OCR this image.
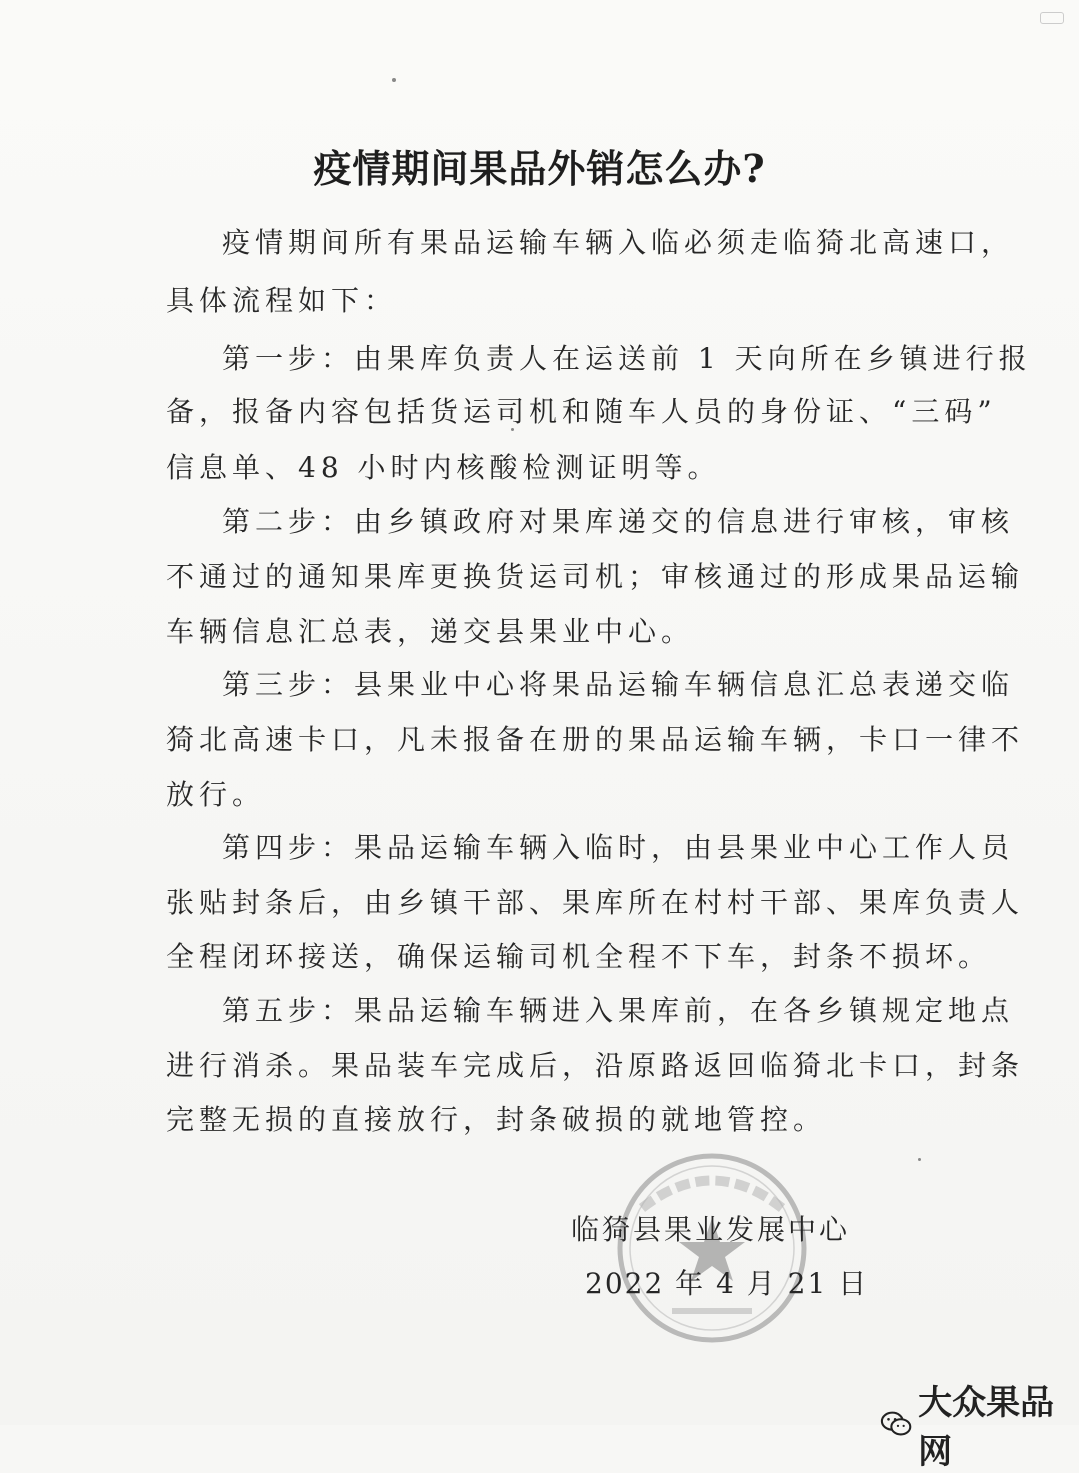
疫情期间果品外销怎么办?
疫情期间所有果品运输车辆入临必须走临猗北高速口，
具体流程如下：
第一步：由果库负责人在运送前 1 天向所在乡镇进行报
备，报备内容包括货运司机和随车人员的身份证、“三码”
信息单、48 小时内核酸检测证明等。
第二步：由乡镇政府对果库递交的信息进行审核，审核
不通过的通知果库更换货运司机；审核通过的形成果品运输
车辆信息汇总表，递交县果业中心。
第三步：县果业中心将果品运输车辆信息汇总表递交临
猗北高速卡口，凡未报备在册的果品运输车辆，卡口一律不
放行。
第四步：果品运输车辆入临时，由县果业中心工作人员
张贴封条后，由乡镇干部、果库所在村村干部、果库负责人
全程闭环接送，确保运输司机全程不下车，封条不损坏。
第五步：果品运输车辆进入果库前，在各乡镇规定地点
进行消杀。果品装车完成后，沿原路返回临猗北卡口，封条
完整无损的直接放行，封条破损的就地管控。
临猗县果业发展中心
2022 年 4 月 21 日
大众果品网
